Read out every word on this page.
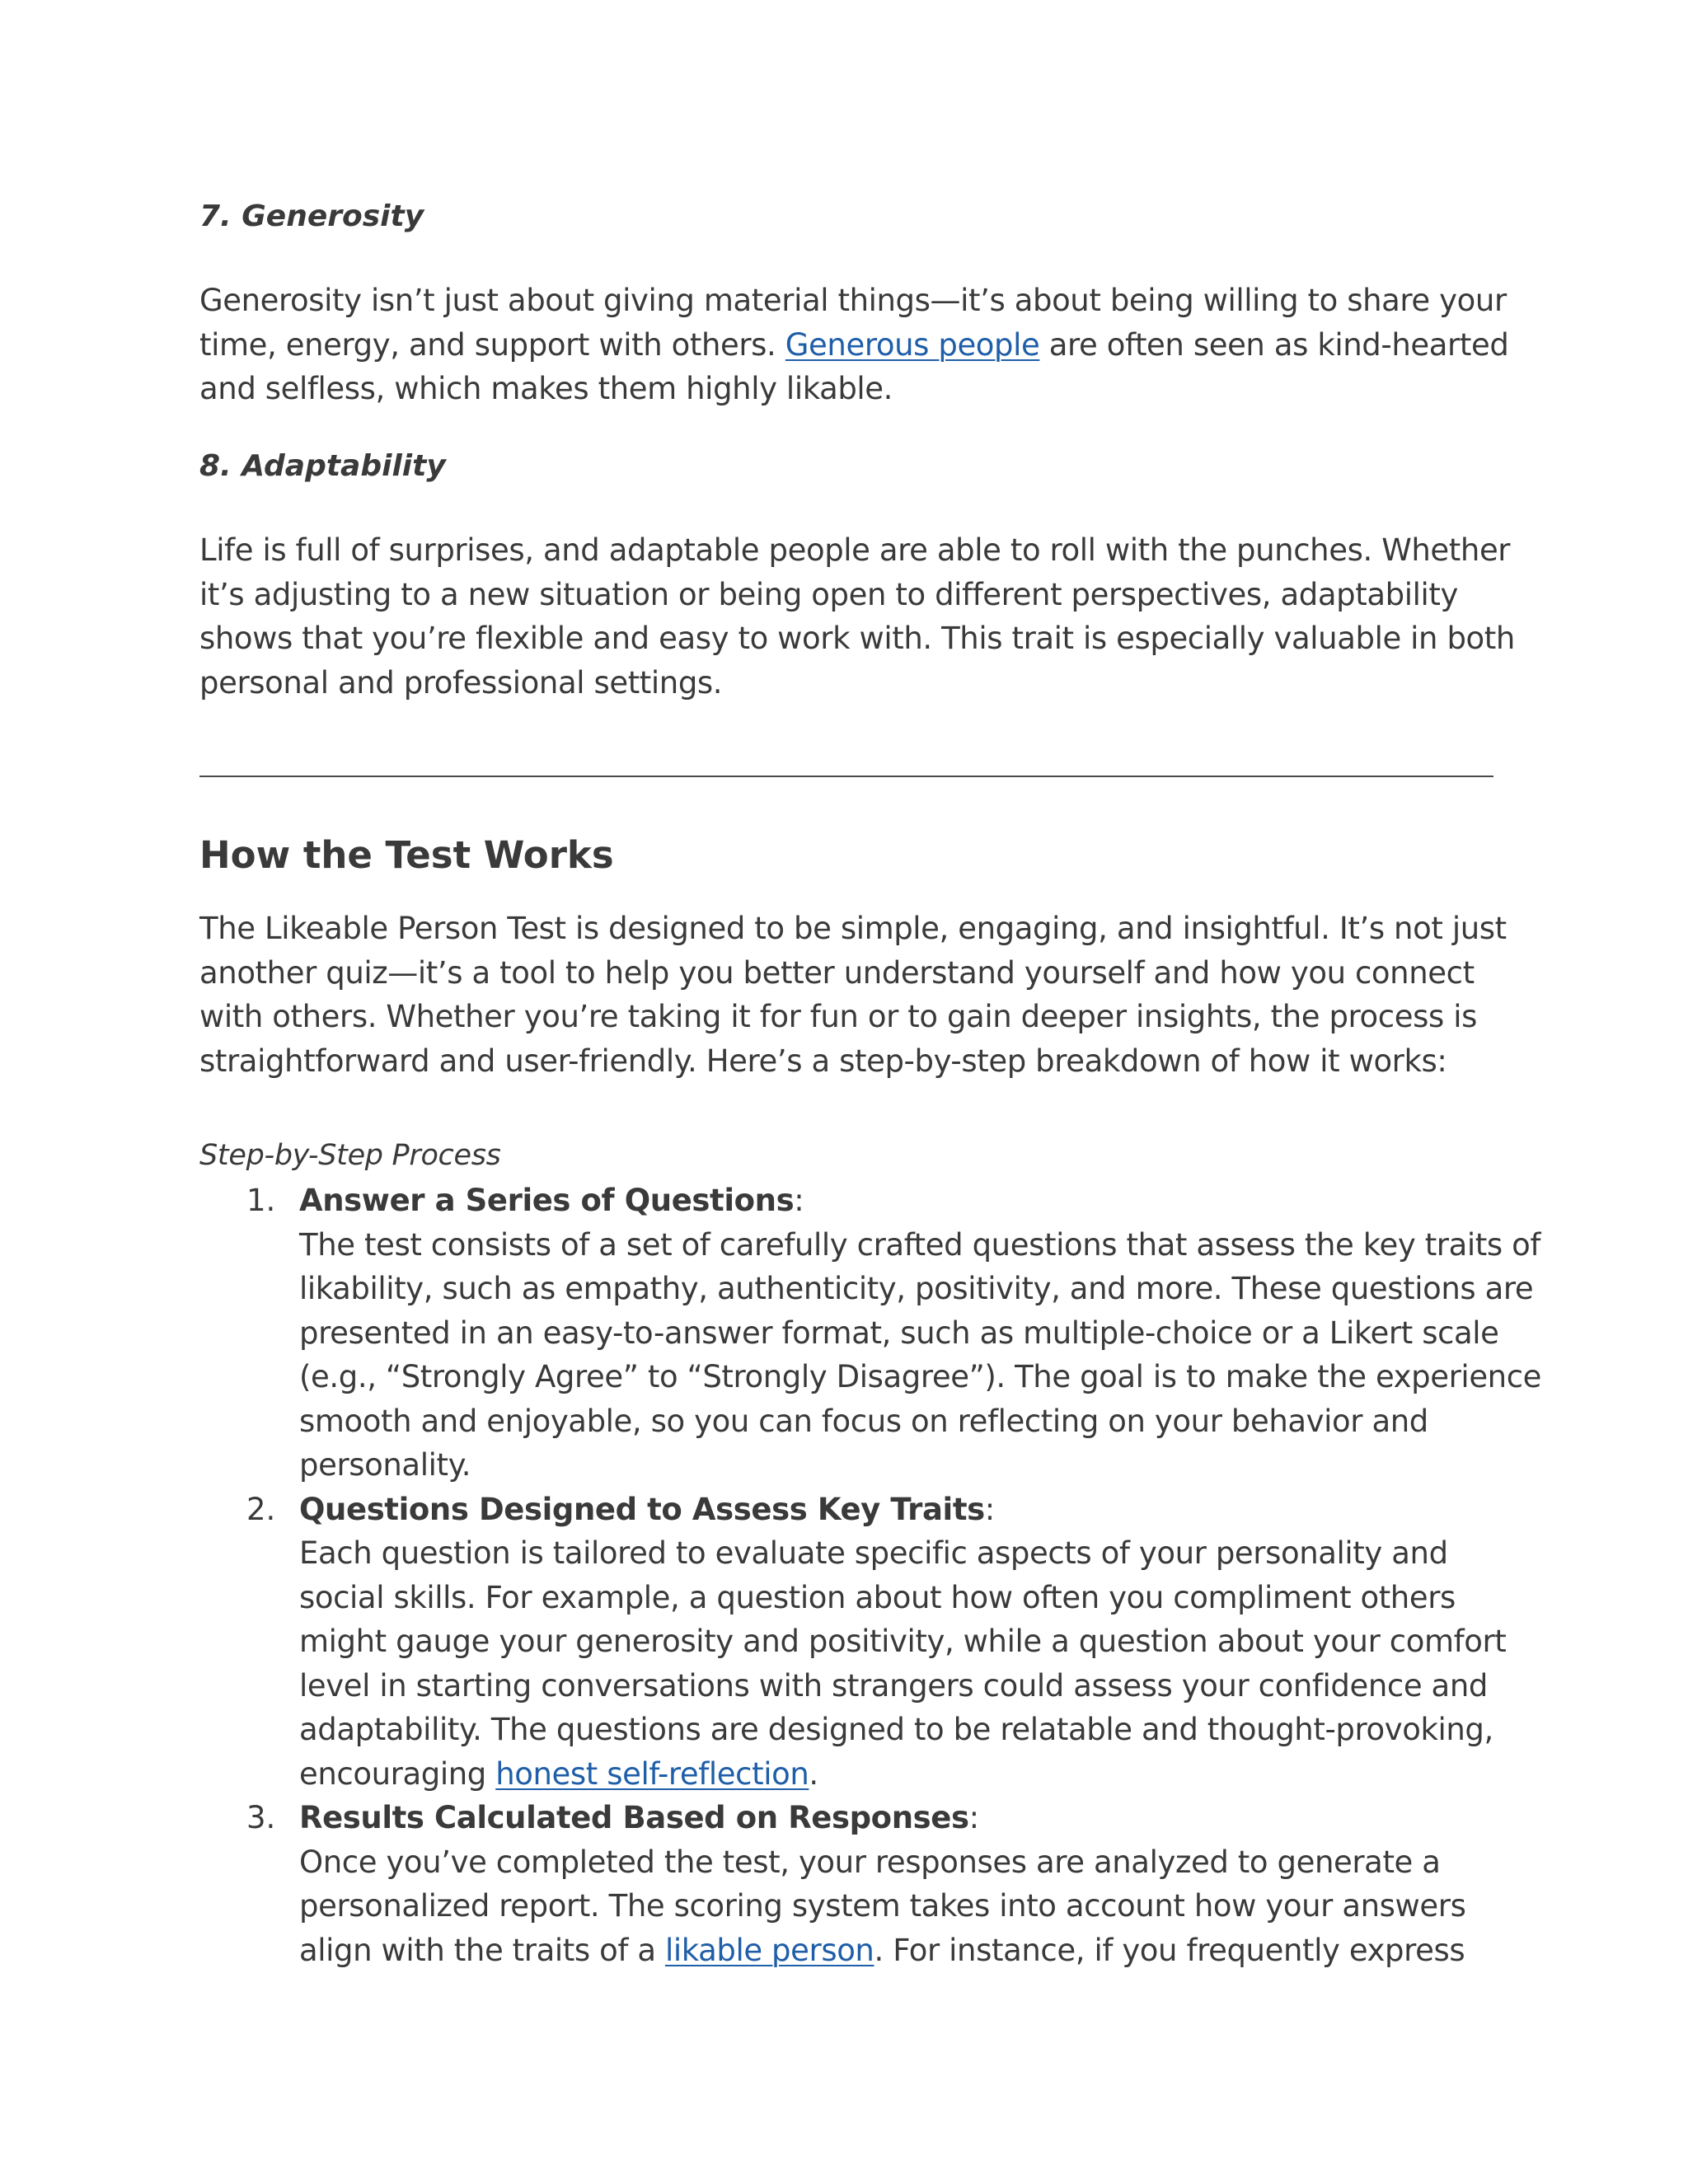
7. Generosity
Generosity isn’t just about giving material things—it’s about being willing to share your
time, energy, and support with others. Generous people are often seen as kind-hearted
and selfless, which makes them highly likable.
8. Adaptability
Life is full of surprises, and adaptable people are able to roll with the punches. Whether
it’s adjusting to a new situation or being open to different perspectives, adaptability
shows that you’re flexible and easy to work with. This trait is especially valuable in both
personal and professional settings.
How the Test Works
The Likeable Person Test is designed to be simple, engaging, and insightful. It’s not just
another quiz—it’s a tool to help you better understand yourself and how you connect
with others. Whether you’re taking it for fun or to gain deeper insights, the process is
straightforward and user-friendly. Here’s a step-by-step breakdown of how it works:

Step-by-Step Process

1. Answer a Series of Questions:
The test consists of a set of carefully crafted questions that assess the key traits of
likability, such as empathy, authenticity, positivity, and more. These questions are
presented in an easy-to-answer format, such as multiple-choice or a Likert scale
(e.g., “Strongly Agree” to “Strongly Disagree”). The goal is to make the experience
smooth and enjoyable, so you can focus on reflecting on your behavior and
personality.
2. Questions Designed to Assess Key Traits:
Each question is tailored to evaluate specific aspects of your personality and
social skills. For example, a question about how often you compliment others
might gauge your generosity and positivity, while a question about your comfort
level in starting conversations with strangers could assess your confidence and
adaptability. The questions are designed to be relatable and thought-provoking,
encouraging honest self-reflection.
3. Results Calculated Based on Responses:
Once you’ve completed the test, your responses are analyzed to generate a
personalized report. The scoring system takes into account how your answers
align with the traits of a likable person. For instance, if you frequently express
